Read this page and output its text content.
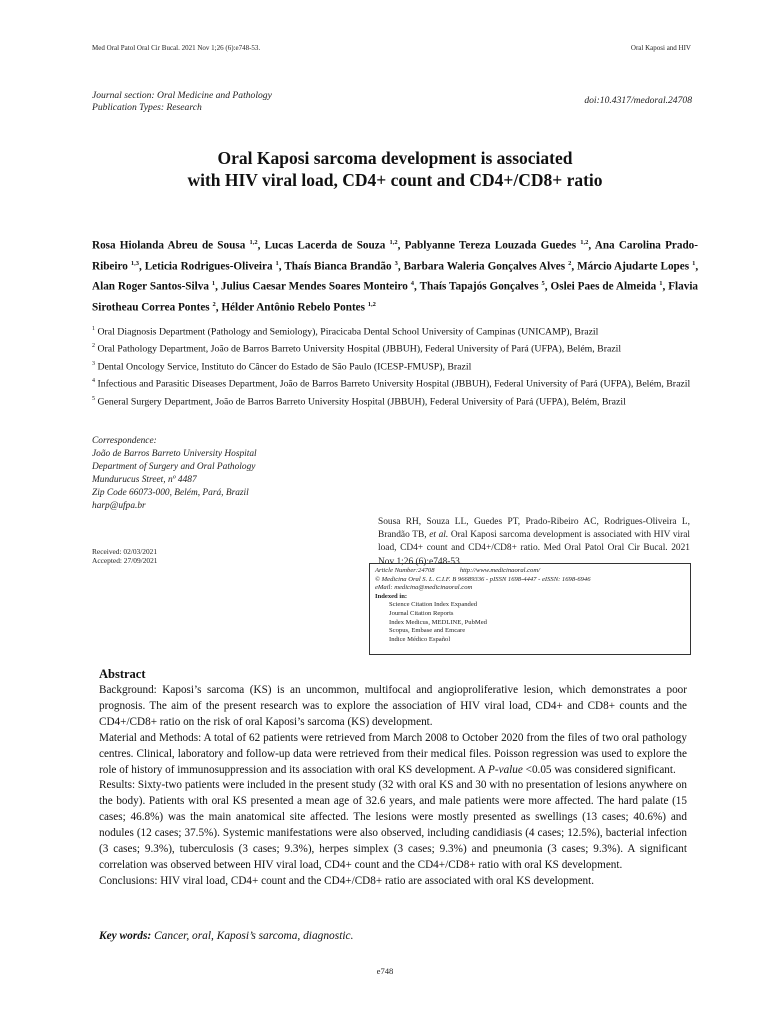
Med Oral Patol Oral Cir Bucal. 2021 Nov 1;26 (6):e748-53.	Oral Kaposi and HIV
Journal section: Oral Medicine and Pathology
Publication Types: Research
doi:10.4317/medoral.24708
Oral Kaposi sarcoma development is associated
with HIV viral load, CD4+ count and CD4+/CD8+ ratio
Rosa Hiolanda Abreu de Sousa $^{1,2}$, Lucas Lacerda de Souza $^{1,2}$, Pablyanne Tereza Louzada Guedes $^{1,2}$, Ana Carolina Prado-Ribeiro $^{1,3}$, Leticia Rodrigues-Oliveira $^1$, Thaís Bianca Brandão $^3$, Barbara Waleria Gonçalves Alves $^2$, Márcio Ajudarte Lopes $^1$, Alan Roger Santos-Silva $^1$, Julius Caesar Mendes Soares Monteiro $^4$, Thaís Tapajós Gonçalves $^5$, Oslei Paes de Almeida $^1$, Flavia Sirotheau Correa Pontes $^2$, Hélder Antônio Rebelo Pontes $^{1,2}$
$^1$ Oral Diagnosis Department (Pathology and Semiology), Piracicaba Dental School University of Campinas (UNICAMP), Brazil
$^2$ Oral Pathology Department, João de Barros Barreto University Hospital (JBBUH), Federal University of Pará (UFPA), Belém, Brazil
$^3$ Dental Oncology Service, Instituto do Câncer do Estado de São Paulo (ICESP-FMUSP), Brazil
$^4$ Infectious and Parasitic Diseases Department, João de Barros Barreto University Hospital (JBBUH), Federal University of Pará (UFPA), Belém, Brazil
$^5$ General Surgery Department, João de Barros Barreto University Hospital (JBBUH), Federal University of Pará (UFPA), Belém, Brazil
Correspondence:
João de Barros Barreto University Hospital
Department of Surgery and Oral Pathology
Mundurucus Street, nº 4487
Zip Code 66073-000, Belém, Pará, Brazil
harp@ufpa.br
Received: 02/03/2021
Accepted: 27/09/2021
Sousa RH, Souza LL, Guedes PT, Prado-Ribeiro AC, Rodrigues-Oliveira L, Brandão TB, et al. Oral Kaposi sarcoma development is associated with HIV viral load, CD4+ count and CD4+/CD8+ ratio. Med Oral Patol Oral Cir Bucal. 2021 Nov 1;26 (6):e748-53.
Article Number:24708	http://www.medicinaoral.com/
© Medicina Oral S. L. C.I.F. B 96689336 - pISSN 1698-4447 - eISSN: 1698-6946
eMail: medicina@medicinaoral.com
Indexed in:
Science Citation Index Expanded
Journal Citation Reports
Index Medicus, MEDLINE, PubMed
Scopus, Embase and Emcare
Indice Médico Español
Abstract

Background: Kaposi’s sarcoma (KS) is an uncommon, multifocal and angioproliferative lesion, which demonstrates a poor prognosis. The aim of the present research was to explore the association of HIV viral load, CD4+ and CD8+ counts and the CD4+/CD8+ ratio on the risk of oral Kaposi’s sarcoma (KS) development.

Material and Methods: A total of 62 patients were retrieved from March 2008 to October 2020 from the files of two oral pathology centres. Clinical, laboratory and follow-up data were retrieved from their medical files. Poisson regression was used to explore the role of history of immunosuppression and its association with oral KS development. A P-value <0.05 was considered significant.

Results: Sixty-two patients were included in the present study (32 with oral KS and 30 with no presentation of lesions anywhere on the body). Patients with oral KS presented a mean age of 32.6 years, and male patients were more affected. The hard palate (15 cases; 46.8%) was the main anatomical site affected. The lesions were mostly presented as swellings (13 cases; 40.6%) and nodules (12 cases; 37.5%). Systemic manifestations were also observed, including candidiasis (4 cases; 12.5%), bacterial infection (3 cases; 9.3%), tuberculosis (3 cases; 9.3%), herpes simplex (3 cases; 9.3%) and pneumonia (3 cases; 9.3%). A significant correlation was observed between HIV viral load, CD4+ count and the CD4+/CD8+ ratio with oral KS development.

Conclusions: HIV viral load, CD4+ count and the CD4+/CD8+ ratio are associated with oral KS development.

Key words: Cancer, oral, Kaposi’s sarcoma, diagnostic.
e748
